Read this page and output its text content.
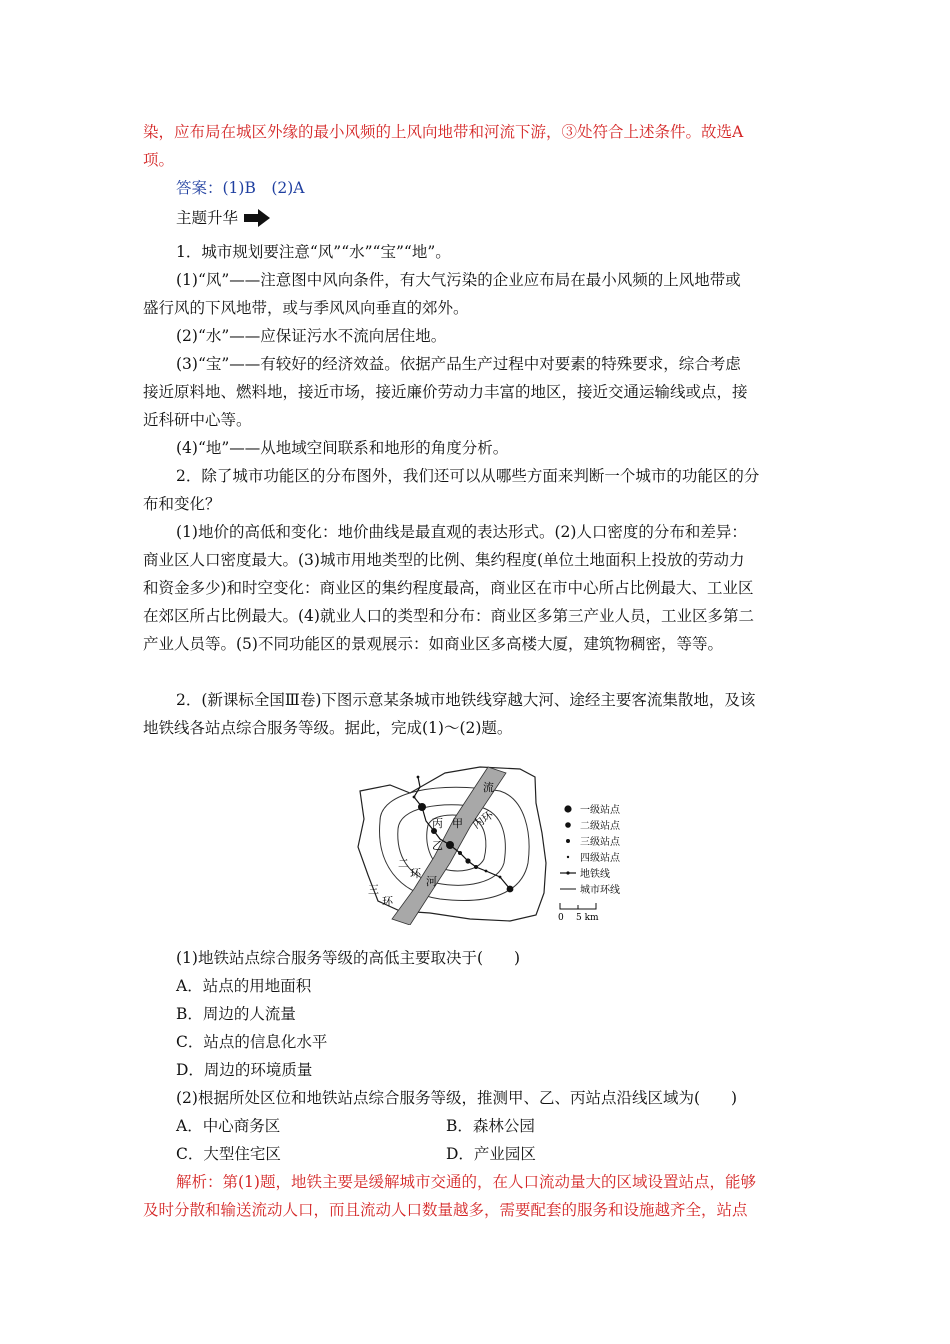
染，应布局在城区外缘的最小风频的上风向地带和河流下游，③处符合上述条件。故选A
项。
答案：(1)B　(2)A
主题升华
1．城市规划要注意“风”“水”“宝”“地”。
(1)“风”——注意图中风向条件，有大气污染的企业应布局在最小风频的上风地带或
盛行风的下风地带，或与季风风向垂直的郊外。
(2)“水”——应保证污水不流向居住地。
(3)“宝”——有较好的经济效益。依据产品生产过程中对要素的特殊要求，综合考虑
接近原料地、燃料地，接近市场，接近廉价劳动力丰富的地区，接近交通运输线或点，接
近科研中心等。
(4)“地”——从地域空间联系和地形的角度分析。
2．除了城市功能区的分布图外，我们还可以从哪些方面来判断一个城市的功能区的分
布和变化？
(1)地价的高低和变化：地价曲线是最直观的表达形式。(2)人口密度的分布和差异：
商业区人口密度最大。(3)城市用地类型的比例、集约程度(单位土地面积上投放的劳动力
和资金多少)和时空变化：商业区的集约程度最高，商业区在市中心所占比例最大、工业区
在郊区所占比例最大。(4)就业人口的类型和分布：商业区多第三产业人员，工业区多第二
产业人员等。(5)不同功能区的景观展示：如商业区多高楼大厦，建筑物稠密，等等。
2．(新课标全国Ⅲ卷)下图示意某条城市地铁线穿越大河、途经主要客流集散地，及该
地铁线各站点综合服务等级。据此，完成(1)～(2)题。
流
河
内环
二
环
三
环
甲
丙
乙
一级站点
二级站点
三级站点
四级站点
地铁线
城市环线
0 5 km
(1)地铁站点综合服务等级的高低主要取决于(　　)
A．站点的用地面积
B．周边的人流量
C．站点的信息化水平
D．周边的环境质量
(2)根据所处区位和地铁站点综合服务等级，推测甲、乙、丙站点沿线区域为(　　)
A．中心商务区	B．森林公园
C．大型住宅区	D．产业园区
解析：第(1)题，地铁主要是缓解城市交通的，在人口流动量大的区域设置站点，能够
及时分散和输送流动人口，而且流动人口数量越多，需要配套的服务和设施越齐全，站点
